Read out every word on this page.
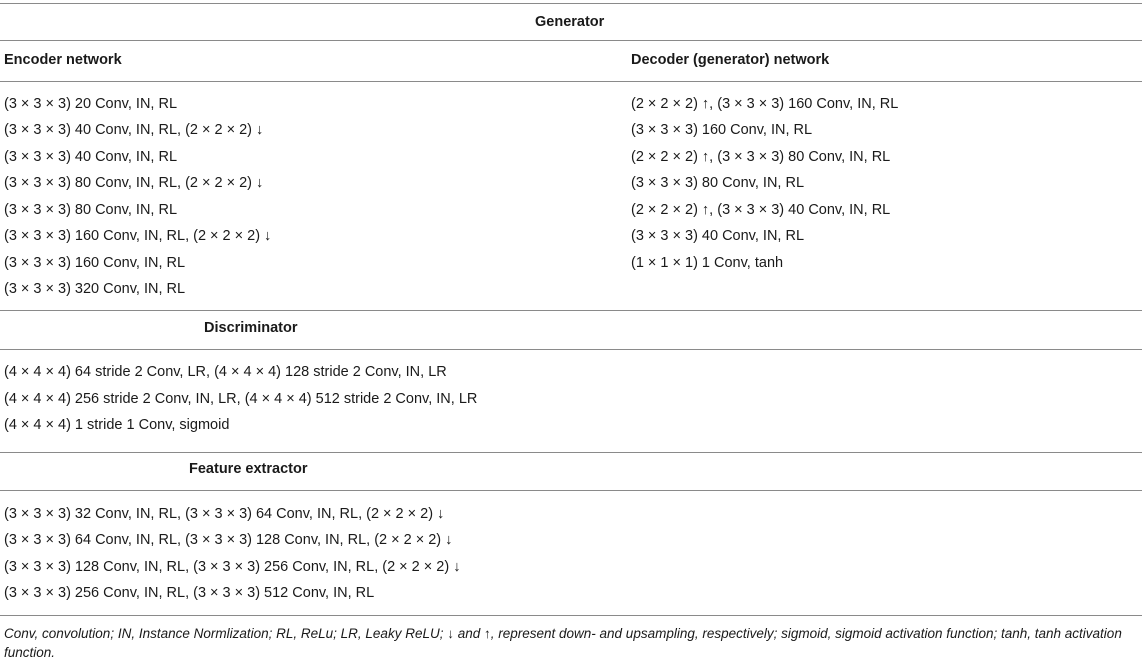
Generator
Encoder network	Decoder (generator) network
(3 × 3 × 3) 20 Conv, IN, RL
(3 × 3 × 3) 40 Conv, IN, RL, (2 × 2 × 2) ↓
(3 × 3 × 3) 40 Conv, IN, RL
(3 × 3 × 3) 80 Conv, IN, RL, (2 × 2 × 2) ↓
(3 × 3 × 3) 80 Conv, IN, RL
(3 × 3 × 3) 160 Conv, IN, RL, (2 × 2 × 2) ↓
(3 × 3 × 3) 160 Conv, IN, RL
(3 × 3 × 3) 320 Conv, IN, RL
(2 × 2 × 2) ↑, (3 × 3 × 3) 160 Conv, IN, RL
(3 × 3 × 3) 160 Conv, IN, RL
(2 × 2 × 2) ↑, (3 × 3 × 3) 80 Conv, IN, RL
(3 × 3 × 3) 80 Conv, IN, RL
(2 × 2 × 2) ↑, (3 × 3 × 3) 40 Conv, IN, RL
(3 × 3 × 3) 40 Conv, IN, RL
(1 × 1 × 1) 1 Conv, tanh
Discriminator
(4 × 4 × 4) 64 stride 2 Conv, LR, (4 × 4 × 4) 128 stride 2 Conv, IN, LR
(4 × 4 × 4) 256 stride 2 Conv, IN, LR, (4 × 4 × 4) 512 stride 2 Conv, IN, LR
(4 × 4 × 4) 1 stride 1 Conv, sigmoid
Feature extractor
(3 × 3 × 3) 32 Conv, IN, RL, (3 × 3 × 3) 64 Conv, IN, RL, (2 × 2 × 2) ↓
(3 × 3 × 3) 64 Conv, IN, RL, (3 × 3 × 3) 128 Conv, IN, RL, (2 × 2 × 2) ↓
(3 × 3 × 3) 128 Conv, IN, RL, (3 × 3 × 3) 256 Conv, IN, RL, (2 × 2 × 2) ↓
(3 × 3 × 3) 256 Conv, IN, RL, (3 × 3 × 3) 512 Conv, IN, RL
Conv, convolution; IN, Instance Normlization; RL, ReLu; LR, Leaky ReLU; ↓ and ↑, represent down- and upsampling, respectively; sigmoid, sigmoid activation function; tanh, tanh activation function.
